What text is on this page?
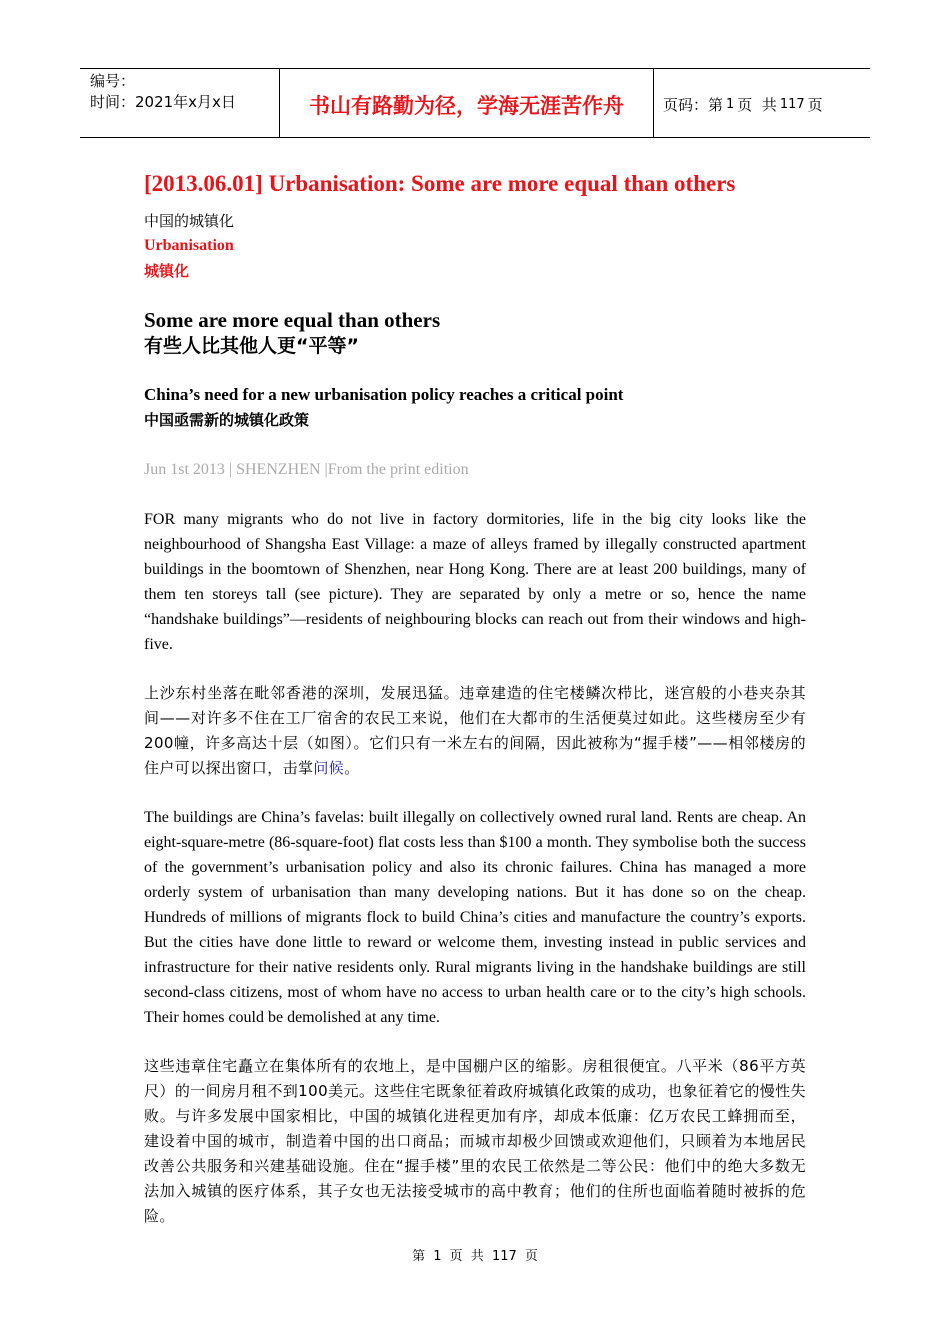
编号：
时间：2021年x月x日	书山有路勤为径，学海无涯苦作舟	页码：第 1 页  共 117 页
[2013.06.01] Urbanisation: Some are more equal than others
中国的城镇化
Urbanisation
城镇化
Some are more equal than others
有些人比其他人更“平等”
China’s need for a new urbanisation policy reaches a critical point
中国亟需新的城镇化政策
Jun 1st 2013 | SHENZHEN |From the print edition

FOR many migrants who do not live in factory dormitories, life in the big city looks like the neighbourhood of Shangsha East Village: a maze of alleys framed by illegally constructed apartment buildings in the boomtown of Shenzhen, near Hong Kong. There are at least 200 buildings, many of them ten storeys tall (see picture). They are separated by only a metre or so, hence the name “handshake buildings”—residents of neighbouring blocks can reach out from their windows and high-five.

上沙东村坐落在毗邻香港的深圳，发展迅猛。违章建造的住宅楼鳞次栉比，迷宫般的小巷夹杂其间——对许多不住在工厂宿舍的农民工来说，他们在大都市的生活便莫过如此。这些楼房至少有200幢，许多高达十层（如图）。它们只有一米左右的间隔，因此被称为“握手楼”——相邻楼房的住户可以探出窗口，击掌问候。

The buildings are China’s favelas: built illegally on collectively owned rural land. Rents are cheap. An eight-square-metre (86-square-foot) flat costs less than $100 a month. They symbolise both the success of the government’s urbanisation policy and also its chronic failures. China has managed a more orderly system of urbanisation than many developing nations. But it has done so on the cheap. Hundreds of millions of migrants flock to build China’s cities and manufacture the country’s exports. But the cities have done little to reward or welcome them, investing instead in public services and infrastructure for their native residents only. Rural migrants living in the handshake buildings are still second-class citizens, most of whom have no access to urban health care or to the city’s high schools. Their homes could be demolished at any time.

这些违章住宅矗立在集体所有的农地上，是中国棚户区的缩影。房租很便宜。八平米（86平方英尺）的一间房月租不到100美元。这些住宅既象征着政府城镇化政策的成功，也象征着它的慢性失败。与许多发展中国家相比，中国的城镇化进程更加有序，却成本低廉：亿万农民工蜂拥而至，建设着中国的城市，制造着中国的出口商品；而城市却极少回馈或欢迎他们，只顾着为本地居民改善公共服务和兴建基础设施。住在“握手楼”里的农民工依然是二等公民：他们中的绝大多数无法加入城镇的医疗体系，其子女也无法接受城市的高中教育；他们的住所也面临着随时被拆的危险。

第 1 页 共 117 页
